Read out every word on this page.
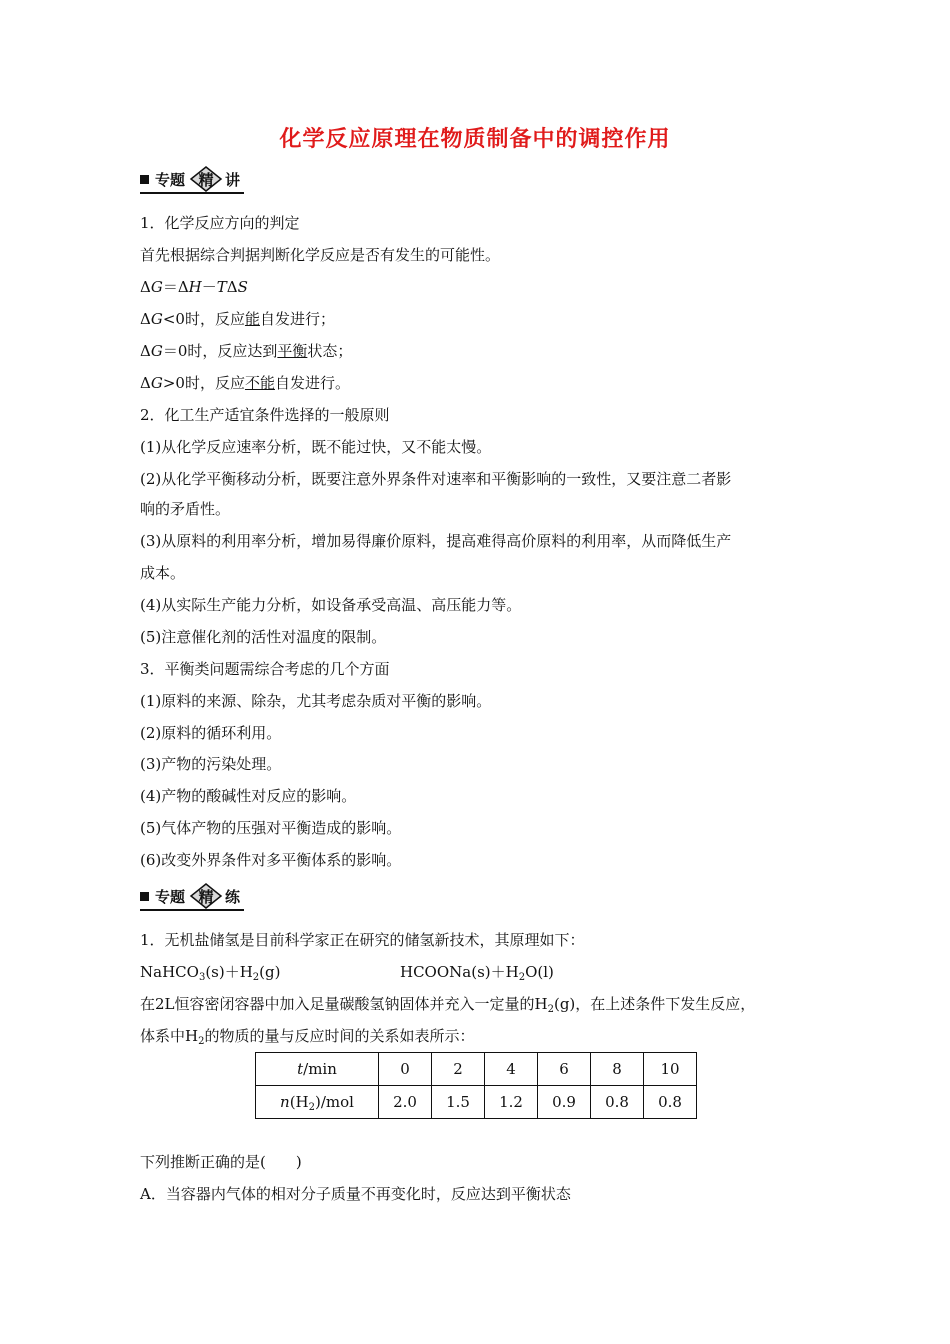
化学反应原理在物质制备中的调控作用
专题 精 讲
1．化学反应方向的判定
首先根据综合判据判断化学反应是否有发生的可能性。
ΔG＝ΔH－TΔS
ΔG<0时，反应能自发进行；
ΔG＝0时，反应达到平衡状态；
ΔG>0时，反应不能自发进行。
2．化工生产适宜条件选择的一般原则
(1)从化学反应速率分析，既不能过快，又不能太慢。
(2)从化学平衡移动分析，既要注意外界条件对速率和平衡影响的一致性，又要注意二者影
响的矛盾性。
(3)从原料的利用率分析，增加易得廉价原料，提高难得高价原料的利用率，从而降低生产
成本。
(4)从实际生产能力分析，如设备承受高温、高压能力等。
(5)注意催化剂的活性对温度的限制。
3．平衡类问题需综合考虑的几个方面
(1)原料的来源、除杂，尤其考虑杂质对平衡的影响。
(2)原料的循环利用。
(3)产物的污染处理。
(4)产物的酸碱性对反应的影响。
(5)气体产物的压强对平衡造成的影响。
(6)改变外界条件对多平衡体系的影响。
专题 精 练
1．无机盐储氢是目前科学家正在研究的储氢新技术，其原理如下：
$NaHCO_3(s)+H_2(g)$	$HCOONa(s)+H_2O(l)$
在2L恒容密闭容器中加入足量碳酸氢钠固体并充入一定量的$H_2(g)$，在上述条件下发生反应，
体系中$H_2$的物质的量与反应时间的关系如表所示：
t/min	0	2	4	6	8	10
$n(H_2)$/mol	2.0	1.5	1.2	0.9	0.8	0.8
下列推断正确的是(　　)
A．当容器内气体的相对分子质量不再变化时，反应达到平衡状态
